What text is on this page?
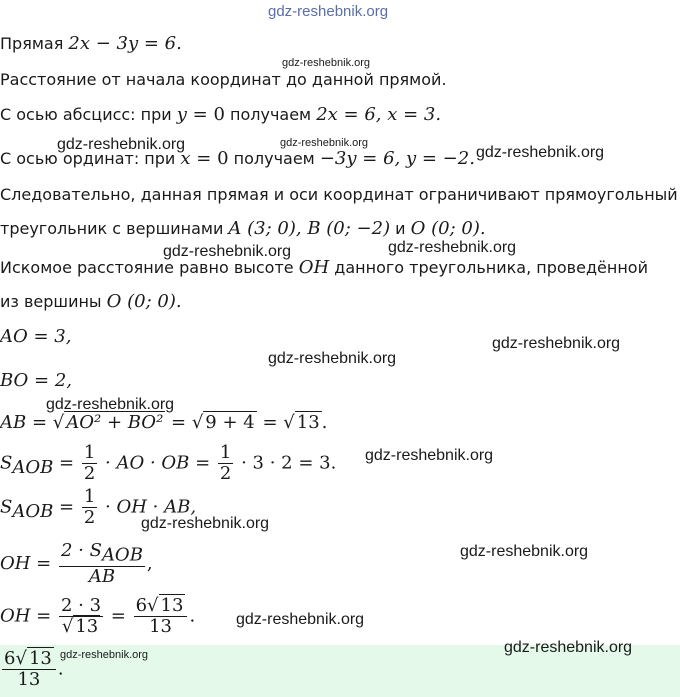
Прямая 2x − 3y = 6.
Расстояние от начала координат до данной прямой.
С осью абсцисс: при y = 0 получаем 2x = 6, x = 3.
С осью ординат: при x = 0 получаем −3y = 6, y = −2.
Следовательно, данная прямая и оси координат ограничивают прямоугольный
треугольник с вершинами A (3; 0), B (0; −2) и O (0; 0).
Искомое расстояние равно высоте OH данного треугольника, проведённой
из вершины O (0; 0).
AO = 3,
BO = 2,
AB = √ AO² + BO² = √ 9 + 4 = √ 13 .
$S_{AOB} = \frac{1}{2}$ · AO · OB = $\frac{1}{2} \cdot 3 \cdot 2 = 3$.
$S_{AOB} = \frac{1}{2}$ · OH · AB,
OH = $\frac{2 \cdot S_{AOB}}{AB}$ ,
OH = $\frac{2 \cdot 3}{√ 13} = \frac{6√ 13}{13}$ .
$\frac{6√ 13}{13}$ .
gdz-reshebnik.org
gdz-reshebnik.org
gdz-reshebnik.org	gdz-reshebnik.org
gdz-reshebnik.org
gdz-reshebnik.org	gdz-reshebnik.org
gdz-reshebnik.org
gdz-reshebnik.org
gdz-reshebnik.org
gdz-reshebnik.org
gdz-reshebnik.org
gdz-reshebnik.org
gdz-reshebnik.org
gdz-reshebnik.org	gdz-reshebnik.org
